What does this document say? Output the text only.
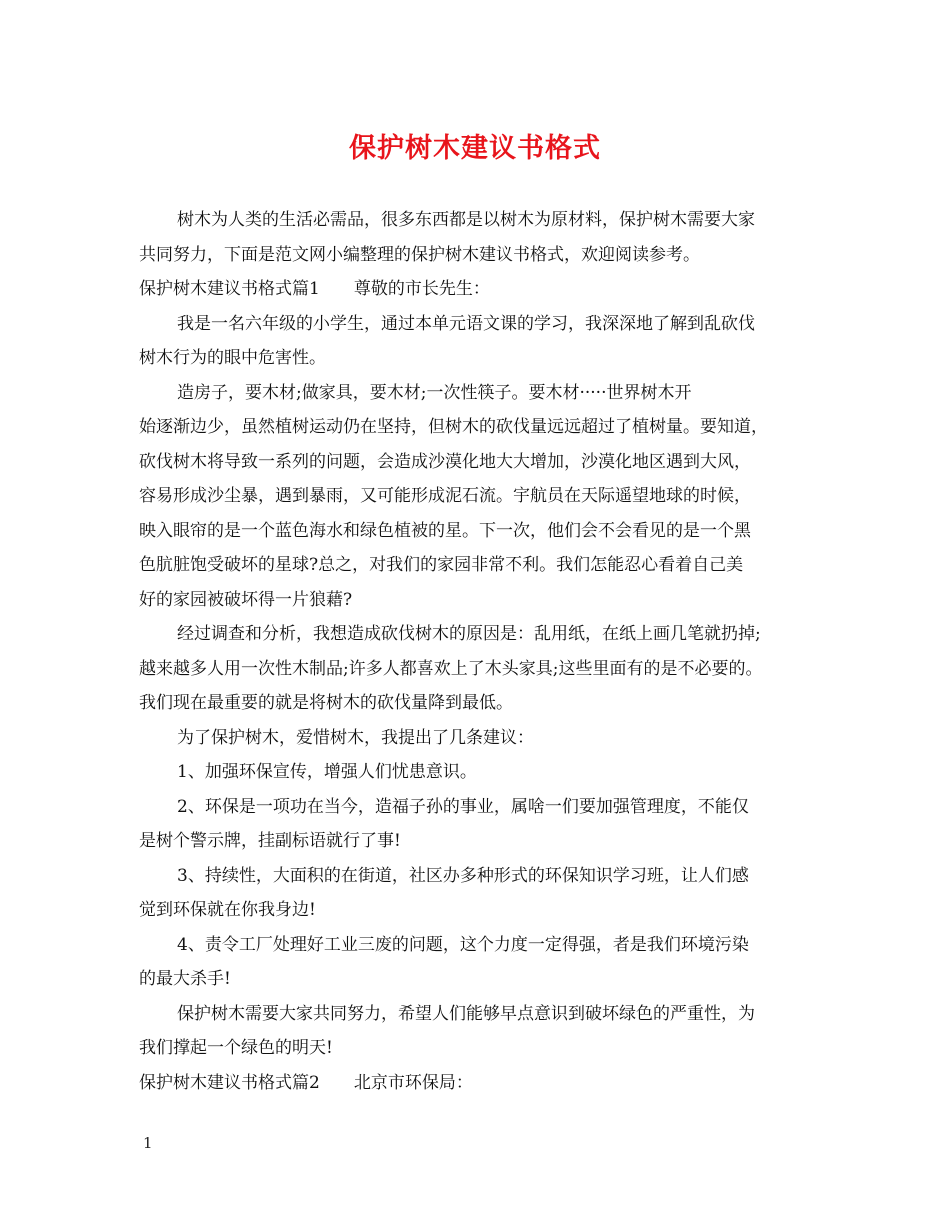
保护树木建议书格式
树木为人类的生活必需品，很多东西都是以树木为原材料，保护树木需要大家
共同努力，下面是范文网小编整理的保护树木建议书格式，欢迎阅读参考。
保护树木建议书格式篇1 尊敬的市长先生：
我是一名六年级的小学生，通过本单元语文课的学习，我深深地了解到乱砍伐
树木行为的眼中危害性。
造房子，要木材;做家具，要木材;一次性筷子。要木材·····世界树木开
始逐渐边少，虽然植树运动仍在坚持，但树木的砍伐量远远超过了植树量。要知道，
砍伐树木将导致一系列的问题，会造成沙漠化地大大增加，沙漠化地区遇到大风，
容易形成沙尘暴，遇到暴雨，又可能形成泥石流。宇航员在天际遥望地球的时候，
映入眼帘的是一个蓝色海水和绿色植被的星。下一次，他们会不会看见的是一个黑
色肮脏饱受破坏的星球?总之，对我们的家园非常不利。我们怎能忍心看着自己美
好的家园被破坏得一片狼藉?
经过调查和分析，我想造成砍伐树木的原因是：乱用纸，在纸上画几笔就扔掉;
越来越多人用一次性木制品;许多人都喜欢上了木头家具;这些里面有的是不必要的。
我们现在最重要的就是将树木的砍伐量降到最低。
为了保护树木，爱惜树木，我提出了几条建议：
1、加强环保宣传，增强人们忧患意识。
2、环保是一项功在当今，造福子孙的事业，属啥一们要加强管理度，不能仅
是树个警示牌，挂副标语就行了事!
3、持续性，大面积的在街道，社区办多种形式的环保知识学习班，让人们感
觉到环保就在你我身边!
4、责令工厂处理好工业三废的问题，这个力度一定得强，者是我们环境污染
的最大杀手!
保护树木需要大家共同努力，希望人们能够早点意识到破坏绿色的严重性，为
我们撑起一个绿色的明天!
保护树木建议书格式篇2 北京市环保局：
1
